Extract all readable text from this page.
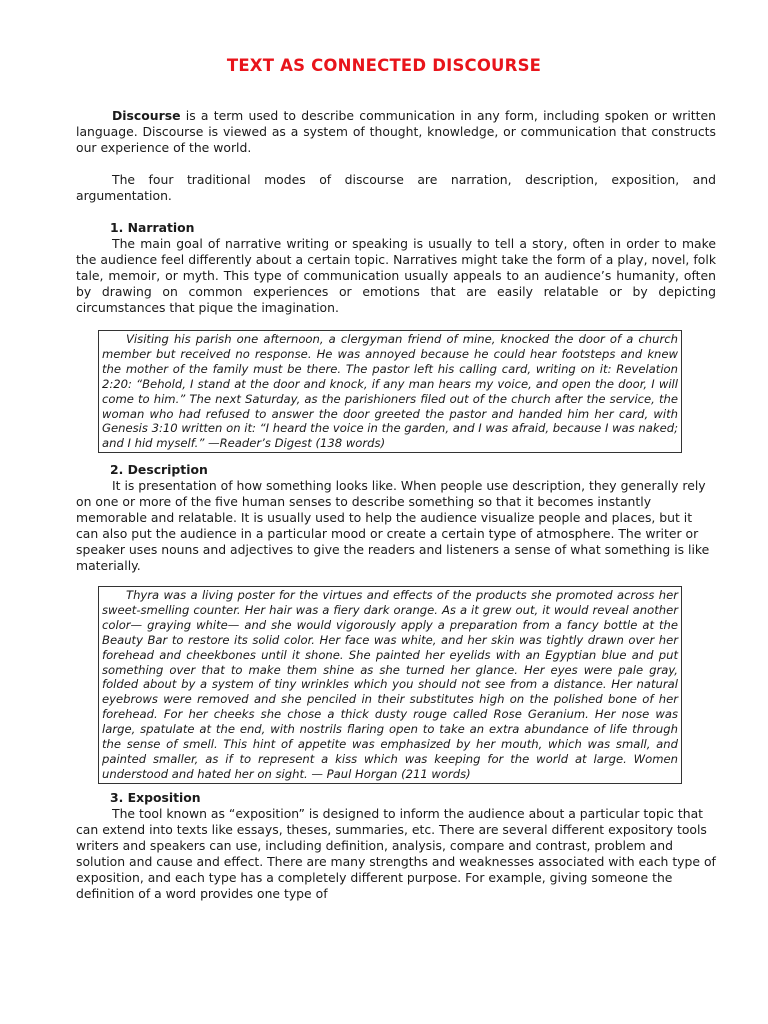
TEXT AS CONNECTED DISCOURSE
Discourse is a term used to describe communication in any form, including spoken or written language. Discourse is viewed as a system of thought, knowledge, or communication that constructs our experience of the world.
The four traditional modes of discourse are narration, description, exposition, and argumentation.
1. Narration
The main goal of narrative writing or speaking is usually to tell a story, often in order to make the audience feel differently about a certain topic. Narratives might take the form of a play, novel, folk tale, memoir, or myth. This type of communication usually appeals to an audience’s humanity, often by drawing on common experiences or emotions that are easily relatable or by depicting circumstances that pique the imagination.
Visiting his parish one afternoon, a clergyman friend of mine, knocked the door of a church member but received no response. He was annoyed because he could hear footsteps and knew the mother of the family must be there. The pastor left his calling card, writing on it: Revelation 2:20: “Behold, I stand at the door and knock, if any man hears my voice, and open the door, I will come to him.” The next Saturday, as the parishioners filed out of the church after the service, the woman who had refused to answer the door greeted the pastor and handed him her card, with Genesis 3:10 written on it: “I heard the voice in the garden, and I was afraid, because I was naked; and I hid myself.” —Reader’s Digest (138 words)
2. Description
It is presentation of how something looks like. When people use description, they generally rely on one or more of the five human senses to describe something so that it becomes instantly memorable and relatable. It is usually used to help the audience visualize people and places, but it can also put the audience in a particular mood or create a certain type of atmosphere. The writer or speaker uses nouns and adjectives to give the readers and listeners a sense of what something is like materially.
Thyra was a living poster for the virtues and effects of the products she promoted across her sweet-smelling counter. Her hair was a fiery dark orange. As a it grew out, it would reveal another color— graying white— and she would vigorously apply a preparation from a fancy bottle at the Beauty Bar to restore its solid color. Her face was white, and her skin was tightly drawn over her forehead and cheekbones until it shone. She painted her eyelids with an Egyptian blue and put something over that to make them shine as she turned her glance. Her eyes were pale gray, folded about by a system of tiny wrinkles which you should not see from a distance. Her natural eyebrows were removed and she penciled in their substitutes high on the polished bone of her forehead. For her cheeks she chose a thick dusty rouge called Rose Geranium. Her nose was large, spatulate at the end, with nostrils flaring open to take an extra abundance of life through the sense of smell. This hint of appetite was emphasized by her mouth, which was small, and painted smaller, as if to represent a kiss which was keeping for the world at large. Women understood and hated her on sight. — Paul Horgan (211 words)
3. Exposition
The tool known as “exposition” is designed to inform the audience about a particular topic that can extend into texts like essays, theses, summaries, etc. There are several different expository tools writers and speakers can use, including definition, analysis, compare and contrast, problem and solution and cause and effect. There are many strengths and weaknesses associated with each type of exposition, and each type has a completely different purpose. For example, giving someone the definition of a word provides one type of
